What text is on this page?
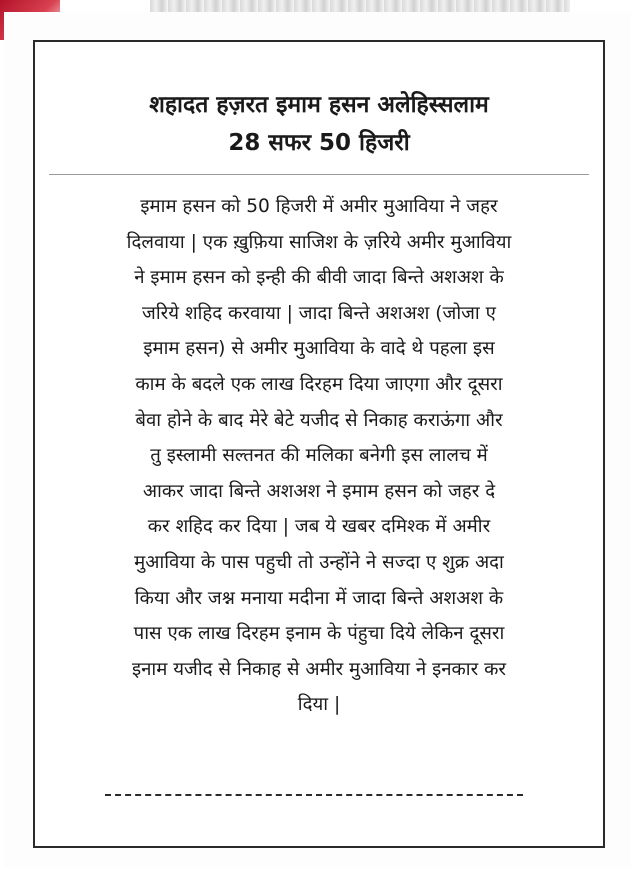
शहादत हज़रत इमाम हसन अलेहिस्सलाम
28 सफर 50 हिजरी
इमाम हसन को 50 हिजरी में अमीर मुआविया ने जहर
दिलवाया | एक ख़ुफ़िया साजिश के ज़रिये अमीर मुआविया
ने इमाम हसन को इन्ही की बीवी जादा बिन्ते अशअश के
जरिये शहिद करवाया | जादा बिन्ते अशअश (जोजा ए
इमाम हसन) से अमीर मुआविया के वादे थे पहला इस
काम के बदले एक लाख दिरहम दिया जाएगा और दूसरा
बेवा होने के बाद मेरे बेटे यजीद से निकाह कराऊंगा और
तु इस्लामी सल्तनत की मलिका बनेगी इस लालच में
आकर जादा बिन्ते अशअश ने इमाम हसन को जहर दे
कर शहिद कर दिया | जब ये खबर दमिश्क में अमीर
मुआविया के पास पहुची तो उन्होंने ने सज्दा ए शुक्र अदा
किया और जश्न मनाया मदीना में जादा बिन्ते अशअश के
पास एक लाख दिरहम इनाम के पंहुचा दिये लेकिन दूसरा
इनाम यजीद से निकाह से अमीर मुआविया ने इनकार कर
दिया |
